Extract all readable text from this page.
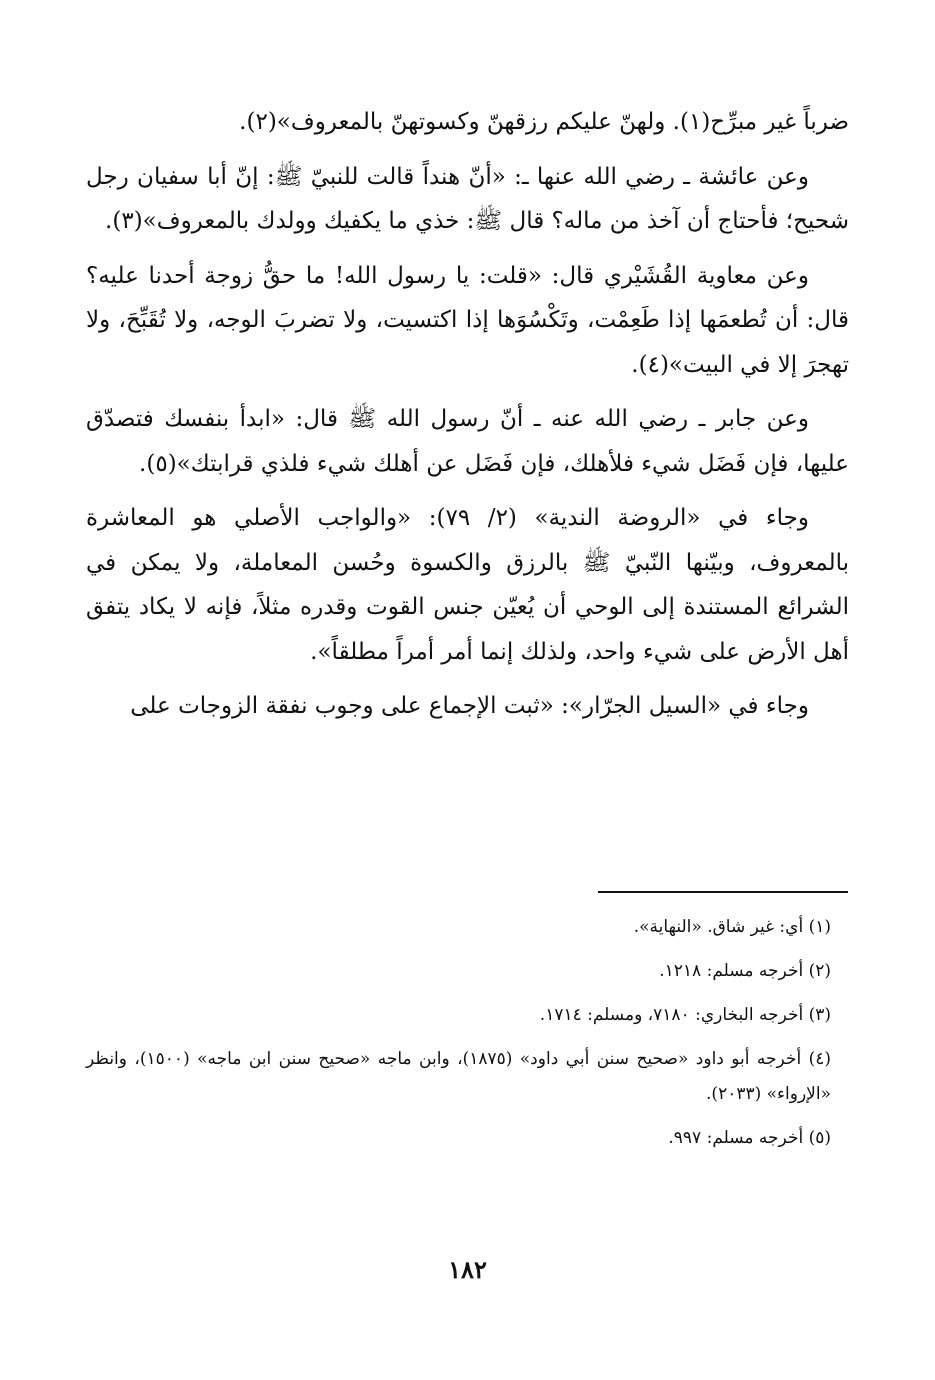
ضرباً غير مبرِّح(١). ولهنّ عليكم رزقهنّ وكسوتهنّ بالمعروف»(٢).

وعن عائشة ـ رضي الله عنها ـ: «أنّ هنداً قالت للنبيّ ﷺ: إنّ أبا سفيان رجل شحيح؛ فأحتاج أن آخذ من ماله؟ قال ﷺ: خذي ما يكفيك وولدك بالمعروف»(٣).

وعن معاوية القُشَيْري قال: «قلت: يا رسول الله! ما حقُّ زوجة أحدنا عليه؟ قال: أن تُطعمَها إذا طَعِمْت، وتَكْسُوَها إذا اكتسيت، ولا تضربَ الوجه، ولا تُقَبِّحَ، ولا تهجرَ إلا في البيت»(٤).

وعن جابر ـ رضي الله عنه ـ أنّ رسول الله ﷺ قال: «ابدأ بنفسك فتصدّق عليها، فإن فَضَل شيء فلأهلك، فإن فَضَل عن أهلك شيء فلذي قرابتك»(٥).

وجاء في «الروضة الندية» (٢/ ٧٩): «والواجب الأصلي هو المعاشرة بالمعروف، وبيّنها النّبيّ ﷺ بالرزق والكسوة وحُسن المعاملة، ولا يمكن في الشرائع المستندة إلى الوحي أن يُعيّن جنس القوت وقدره مثلاً، فإنه لا يكاد يتفق أهل الأرض على شيء واحد، ولذلك إنما أمر أمراً مطلقاً».

وجاء في «السيل الجرّار»: «ثبت الإجماع على وجوب نفقة الزوجات على

(١) أي: غير شاق. «النهاية».

(٢) أخرجه مسلم: ١٢١٨.

(٣) أخرجه البخاري: ٧١٨٠، ومسلم: ١٧١٤.

(٤) أخرجه أبو داود «صحيح سنن أبي داود» (١٨٧٥)، وابن ماجه «صحيح سنن ابن ماجه» (١٥٠٠)، وانظر «الإرواء» (٢٠٣٣).

(٥) أخرجه مسلم: ٩٩٧.

١٨٢
